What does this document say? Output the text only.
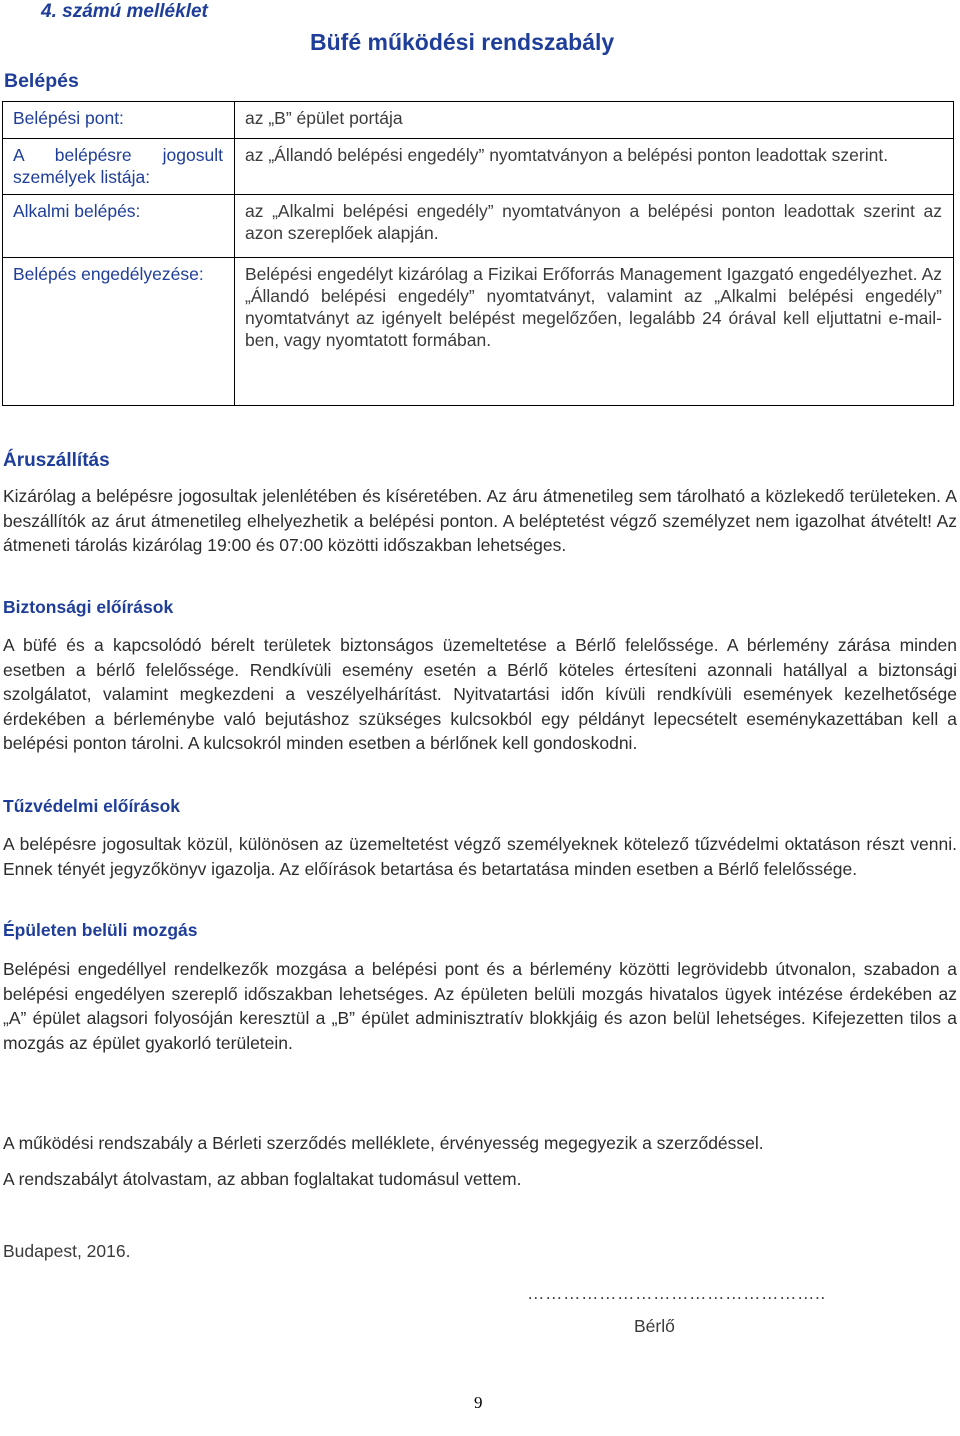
4. számú melléklet
Büfé működési rendszabály
Belépés
Belépési pont:	az „B” épület portája
A belépésre jogosult személyek listája:	az „Állandó belépési engedély” nyomtatványon a belépési ponton leadottak szerint.
Alkalmi belépés:	az „Alkalmi belépési engedély” nyomtatványon a belépési ponton leadottak szerint az azon szereplőek alapján.
Belépés engedélyezése:	Belépési engedélyt kizárólag a Fizikai Erőforrás Management Igazgató engedélyezhet. Az „Állandó belépési engedély” nyomtatványt, valamint az „Alkalmi belépési engedély” nyomtatványt az igényelt belépést megelőzően, legalább 24 órával kell eljuttatni e-mail-ben, vagy nyomtatott formában.
Áruszállítás
Kizárólag a belépésre jogosultak jelenlétében és kíséretében. Az áru átmenetileg sem tárolható a közlekedő területeken. A beszállítók az árut átmenetileg elhelyezhetik a belépési ponton. A beléptetést végző személyzet nem igazolhat átvételt! Az átmeneti tárolás kizárólag 19:00 és 07:00 közötti időszakban lehetséges.
Biztonsági előírások
A büfé és a kapcsolódó bérelt területek biztonságos üzemeltetése a Bérlő felelőssége. A bérlemény zárása minden esetben a bérlő felelőssége. Rendkívüli esemény esetén a Bérlő köteles értesíteni azonnali hatállyal a biztonsági szolgálatot, valamint megkezdeni a veszélyelhárítást. Nyitvatartási időn kívüli rendkívüli események kezelhetősége érdekében a bérleménybe való bejutáshoz szükséges kulcsokból egy példányt lepecsételt eseménykazettában kell a belépési ponton tárolni. A kulcsokról minden esetben a bérlőnek kell gondoskodni.
Tűzvédelmi előírások
A belépésre jogosultak közül, különösen az üzemeltetést végző személyeknek kötelező tűzvédelmi oktatáson részt venni. Ennek tényét jegyzőkönyv igazolja. Az előírások betartása és betartatása minden esetben a Bérlő felelőssége.
Épületen belüli mozgás
Belépési engedéllyel rendelkezők mozgása a belépési pont és a bérlemény közötti legrövidebb útvonalon, szabadon a belépési engedélyen szereplő időszakban lehetséges. Az épületen belüli mozgás hivatalos ügyek intézése érdekében az „A” épület alagsori folyosóján keresztül a „B” épület adminisztratív blokkjáig és azon belül lehetséges. Kifejezetten tilos a mozgás az épület gyakorló területein.
A működési rendszabály a Bérleti szerződés melléklete, érvényesség megegyezik a szerződéssel.
A rendszabályt átolvastam, az abban foglaltakat tudomásul vettem.
Budapest, 2016.
…………………………………………..
Bérlő
9
